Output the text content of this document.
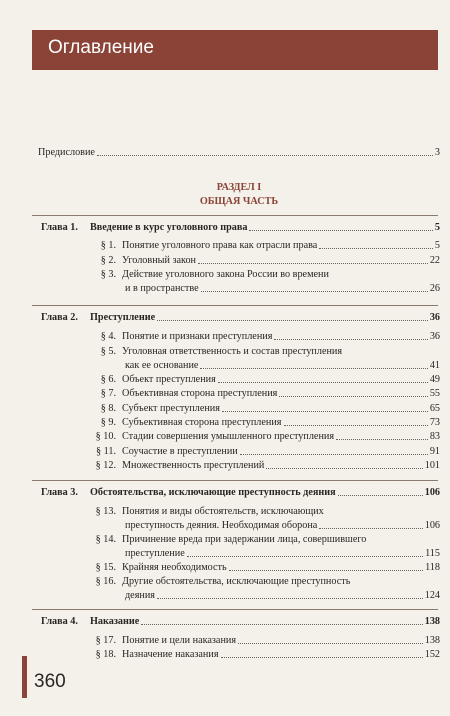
Оглавление
Предисловие	3
РАЗДЕЛ I
ОБЩАЯ ЧАСТЬ
Глава 1. Введение в курс уголовного права	5
§ 1. Понятие уголовного права как отрасли права	5
§ 2. Уголовный закон	22
§ 3. Действие уголовного закона России во времени
и в пространстве	26
Глава 2. Преступление	36
§ 4. Понятие и признаки преступления	36
§ 5. Уголовная ответственность и состав преступления
как ее основание	41
§ 6. Объект преступления	49
§ 7. Объективная сторона преступления	55
§ 8. Субъект преступления	65
§ 9. Субъективная сторона преступления	73
§ 10. Стадии совершения умышленного преступления	83
§ 11. Соучастие в преступлении	91
§ 12. Множественность преступлений	101
Глава 3. Обстоятельства, исключающие преступность деяния	106
§ 13. Понятия и виды обстоятельств, исключающих
преступность деяния. Необходимая оборона	106
§ 14. Причинение вреда при задержании лица, совершившего
преступление	115
§ 15. Крайняя необходимость	118
§ 16. Другие обстоятельства, исключающие преступность
деяния	124
Глава 4. Наказание	138
§ 17. Понятие и цели наказания	138
§ 18. Назначение наказания	152
360
